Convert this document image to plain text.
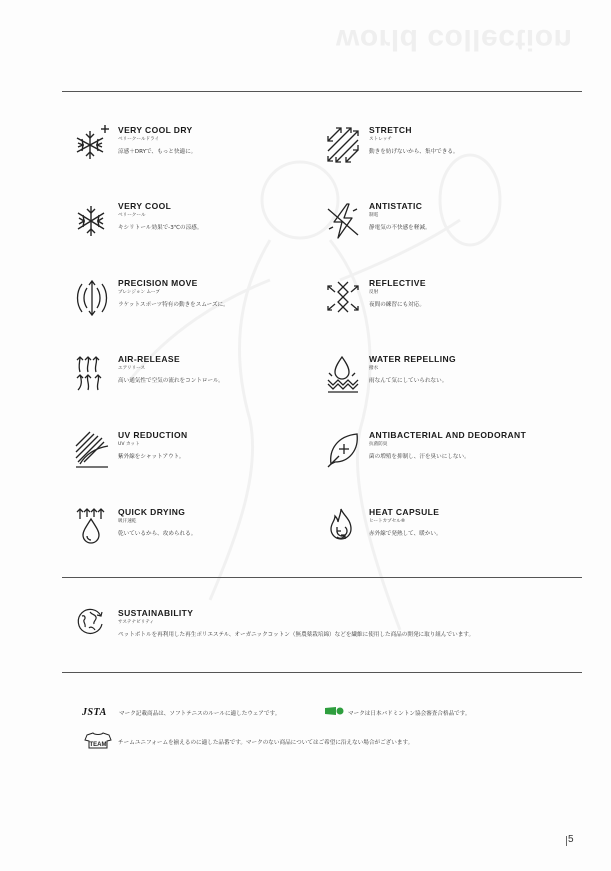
world collection
VERY COOL DRY
ベリークールドライ
涼感＋DRYで、もっと快適に。
STRETCH
ストレッチ
動きを妨げないから、集中できる。
VERY COOL
ベリークール
キシリトール効果で-3℃の涼感。
ANTISTATIC
制電
静電気の不快感を軽減。
PRECISION MOVE
プレシジョン ムーブ
ラケットスポーツ特有の動きをスムーズに。
REFLECTIVE
反射
夜間の練習にも対応。
AIR-RELEASE
エアリリース
高い通気性で空気の流れをコントロール。
WATER REPELLING
撥水
雨なんて気にしていられない。
UV REDUCTION
UV カット
紫外線をシャットアウト。
ANTIBACTERIAL AND DEODORANT
抗菌防臭
菌の増殖を抑制し、汗を臭いにしない。
QUICK DRYING
吸汗速乾
乾いているから、攻められる。
HEAT CAPSULE
ヒートカプセル®
赤外線で発熱して、暖かい。
SUSTAINABILITY
サステナビリティ
ペットボトルを再利用した再生ポリエステル、オーガニックコットン（無農薬栽培綿）などを繊維に使用した商品の開発に取り組んでいます。
JSTA マーク記載商品は、ソフトテニスのルールに適したウェアです。	マークは日本バドミントン協会審査合格品です。
TEAM チームユニフォームを揃えるのに適した品番です。マークのない商品についてはご希望に沿えない場合がございます。
5
